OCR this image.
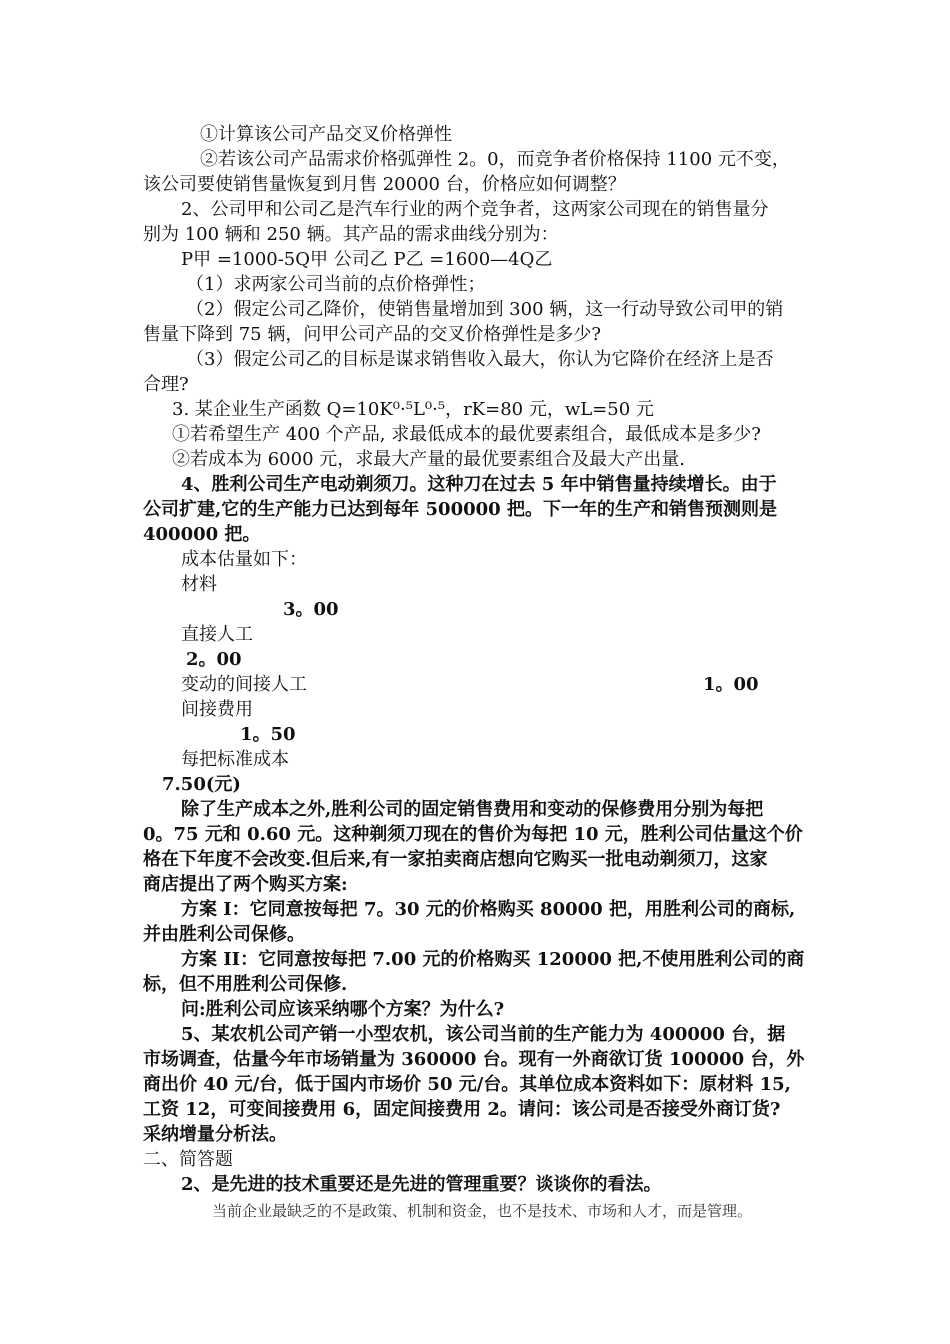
①计算该公司产品交叉价格弹性
②若该公司产品需求价格弧弹性 2。0，而竞争者价格保持 1100 元不变，
该公司要使销售量恢复到月售 20000 台，价格应如何调整？
2、公司甲和公司乙是汽车行业的两个竞争者，这两家公司现在的销售量分
别为 100 辆和 250 辆。其产品的需求曲线分别为：
P甲 =1000-5Q甲 公司乙 P乙 =1600—4Q乙
（1）求两家公司当前的点价格弹性；
（2）假定公司乙降价，使销售量增加到 300 辆，这一行动导致公司甲的销
售量下降到 75 辆，问甲公司产品的交叉价格弹性是多少?
（3）假定公司乙的目标是谋求销售收入最大，你认为它降价在经济上是否
合理?
3. 某企业生产函数 Q=10K⁰·⁵L⁰·⁵，rK=80 元，wL=50 元
①若希望生产 400 个产品, 求最低成本的最优要素组合，最低成本是多少?
②若成本为 6000 元，求最大产量的最优要素组合及最大产出量.
4、胜利公司生产电动剃须刀。这种刀在过去 5 年中销售量持续增长。由于
公司扩建,它的生产能力已达到每年 500000 把。下一年的生产和销售预测则是
400000 把。
成本估量如下：
材料
3。00
直接人工
2。00
变动的间接人工	1。00
间接费用
1。50
每把标准成本
7.50(元)
除了生产成本之外,胜利公司的固定销售费用和变动的保修费用分别为每把
0。75 元和 0.60 元。这种剃须刀现在的售价为每把 10 元，胜利公司估量这个价
格在下年度不会改变.但后来,有一家拍卖商店想向它购买一批电动剃须刀，这家
商店提出了两个购买方案:
方案 I：它同意按每把 7。30 元的价格购买 80000 把，用胜利公司的商标,
并由胜利公司保修。
方案 II：它同意按每把 7.00 元的价格购买 120000 把,不使用胜利公司的商
标，但不用胜利公司保修.
问:胜利公司应该采纳哪个方案？为什么?
5、某农机公司产销一小型农机，该公司当前的生产能力为 400000 台，据
市场调查，估量今年市场销量为 360000 台。现有一外商欲订货 100000 台，外
商出价 40 元/台，低于国内市场价 50 元/台。其单位成本资料如下：原材料 15,
工资 12，可变间接费用 6，固定间接费用 2。请问：该公司是否接受外商订货?
采纳增量分析法。
二、简答题
2、是先进的技术重要还是先进的管理重要？谈谈你的看法。
当前企业最缺乏的不是政策、机制和资金，也不是技术、市场和人才，而是管理。
